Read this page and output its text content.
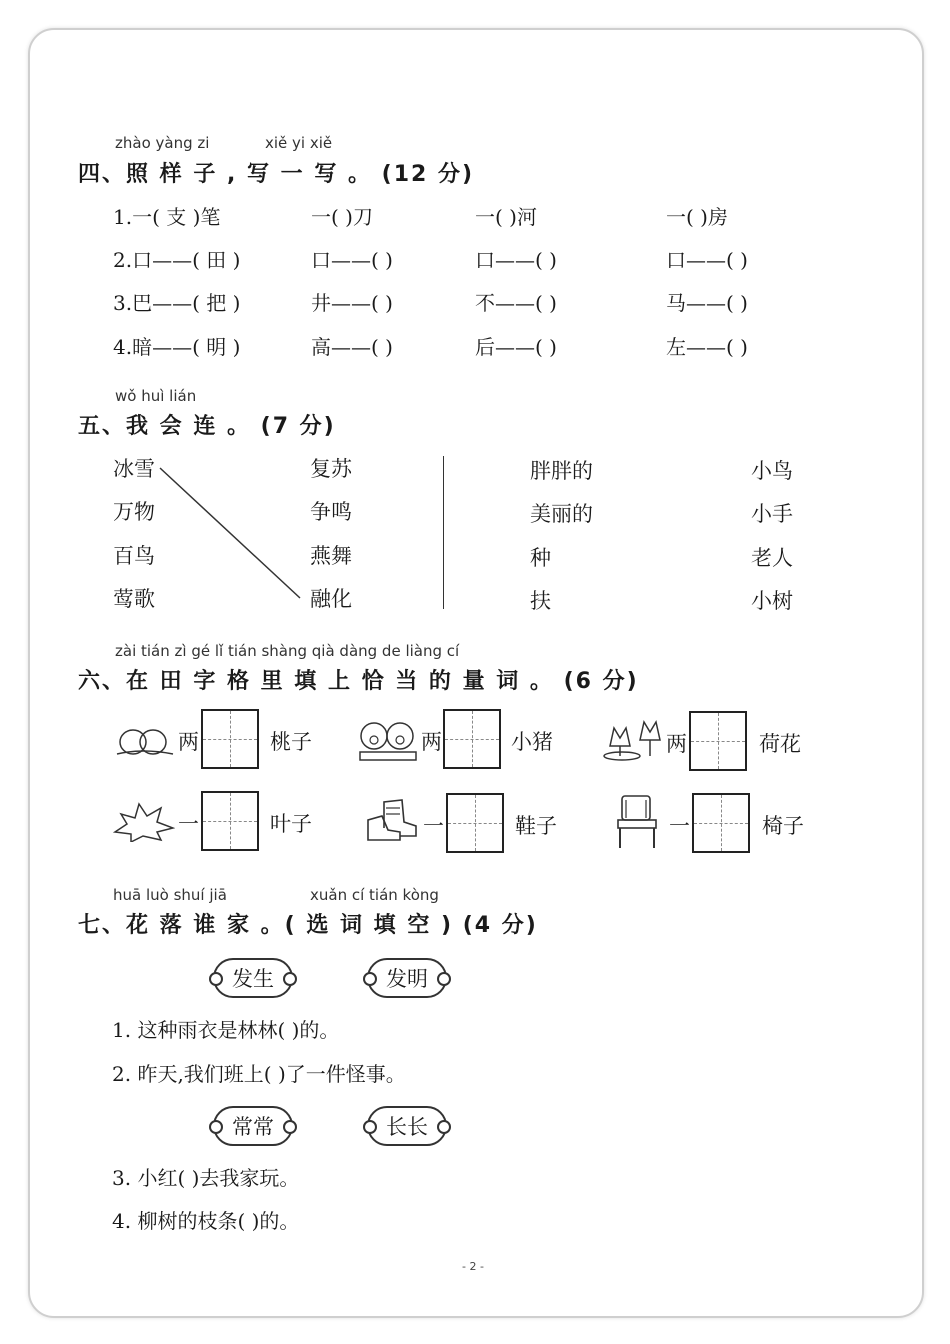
zhào yàng zi	xiě yi xiě
四、照 样 子 , 写 一 写 。 (12 分)
1.一( 支 )笔	一( )刀	一( )河	一( )房
2.口——( 田 )	口——( )	口——( )	口——( )
3.巴——( 把 )	井——( )	不——( )	马——( )
4.暗——( 明 )	高——( )	后——( )	左——( )
wǒ huì lián
五、我 会 连 。 (7 分)
冰雪
万物
百鸟
莺歌
复苏
争鸣
燕舞
融化
胖胖的
美丽的
种
扶
小鸟
小手
老人
小树
zài tián zì gé lǐ tián shàng qià dàng de liàng cí
六、在 田 字 格 里 填 上 恰 当 的 量 词 。 (6 分)
两	桃子	两	小猪	两	荷花
一	叶子	一	鞋子	一	椅子
huā luò shuí jiā	xuǎn cí tián kòng
七、花 落 谁 家 。( 选 词 填 空 ) (4 分)
发生	发明
1. 这种雨衣是林林( )的。
2. 昨天,我们班上( )了一件怪事。
常常	长长
3. 小红( )去我家玩。
4. 柳树的枝条( )的。
- 2 -
